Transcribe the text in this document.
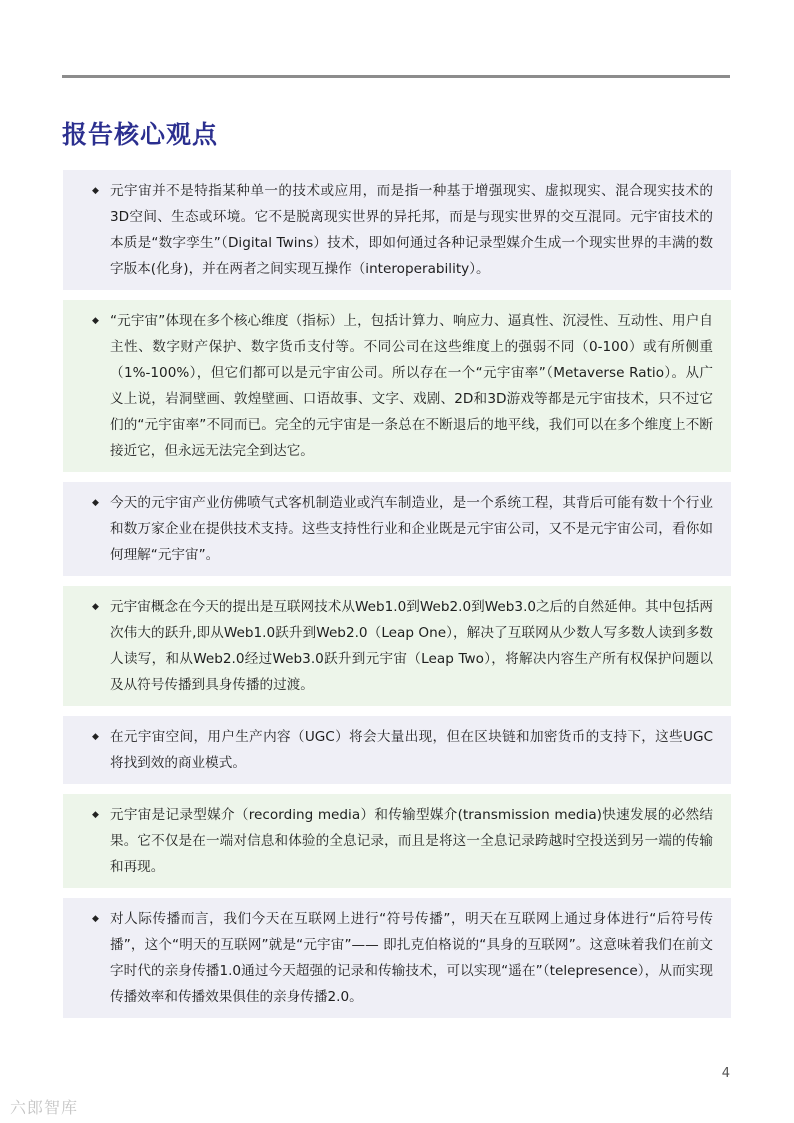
报告核心观点
◆ 元宇宙并不是特指某种单一的技术或应用，而是指一种基于增强现实、虚拟现实、混合现实技术的3D空间、生态或环境。它不是脱离现实世界的异托邦，而是与现实世界的交互混同。元宇宙技术的本质是“数字孪生”（Digital Twins）技术，即如何通过各种记录型媒介生成一个现实世界的丰满的数字版本(化身)，并在两者之间实现互操作（interoperability）。
◆ “元宇宙”体现在多个核心维度（指标）上，包括计算力、响应力、逼真性、沉浸性、互动性、用户自主性、数字财产保护、数字货币支付等。不同公司在这些维度上的强弱不同（0-100）或有所侧重（1%-100%），但它们都可以是元宇宙公司。所以存在一个“元宇宙率”（Metaverse Ratio）。从广义上说，岩洞壁画、敦煌壁画、口语故事、文字、戏剧、2D和3D游戏等都是元宇宙技术，只不过它们的“元宇宙率”不同而已。完全的元宇宙是一条总在不断退后的地平线，我们可以在多个维度上不断接近它，但永远无法完全到达它。
◆ 今天的元宇宙产业仿佛喷气式客机制造业或汽车制造业，是一个系统工程，其背后可能有数十个行业和数万家企业在提供技术支持。这些支持性行业和企业既是元宇宙公司，又不是元宇宙公司，看你如何理解“元宇宙”。
◆ 元宇宙概念在今天的提出是互联网技术从Web1.0到Web2.0到Web3.0之后的自然延伸。其中包括两次伟大的跃升,即从Web1.0跃升到Web2.0（Leap One），解决了互联网从少数人写多数人读到多数人读写，和从Web2.0经过Web3.0跃升到元宇宙（Leap Two），将解决内容生产所有权保护问题以及从符号传播到具身传播的过渡。
◆ 在元宇宙空间，用户生产内容（UGC）将会大量出现，但在区块链和加密货币的支持下，这些UGC将找到效的商业模式。
◆ 元宇宙是记录型媒介（recording media）和传输型媒介(transmission media)快速发展的必然结果。它不仅是在一端对信息和体验的全息记录，而且是将这一全息记录跨越时空投送到另一端的传输和再现。
◆ 对人际传播而言，我们今天在互联网上进行“符号传播”，明天在互联网上通过身体进行“后符号传播”，这个“明天的互联网”就是“元宇宙”—— 即扎克伯格说的“具身的互联网”。这意味着我们在前文字时代的亲身传播1.0通过今天超强的记录和传输技术，可以实现“遥在”（telepresence），从而实现传播效率和传播效果俱佳的亲身传播2.0。
4
六郎智库
